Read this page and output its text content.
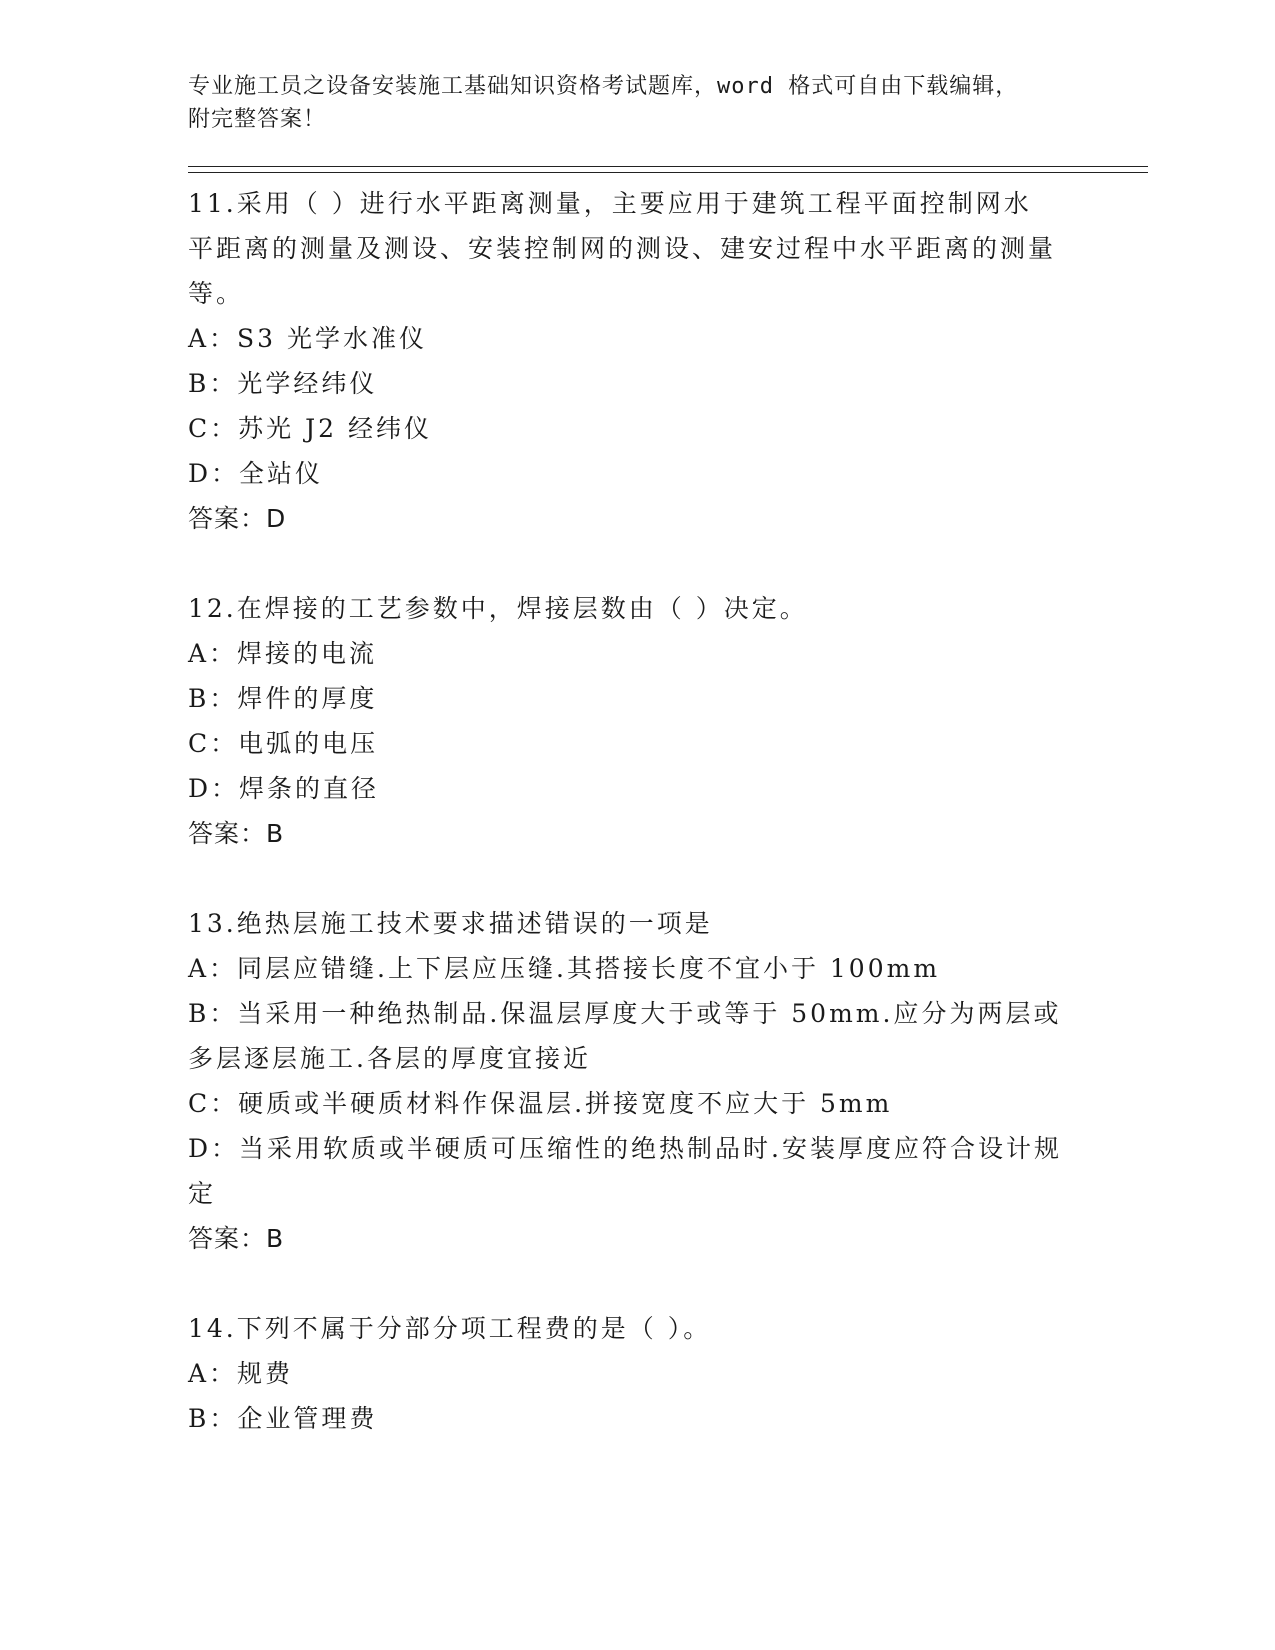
专业施工员之设备安装施工基础知识资格考试题库，word 格式可自由下载编辑，
附完整答案！
11.采用（ ）进行水平距离测量，主要应用于建筑工程平面控制网水平距离的测量及测设、安装控制网的测设、建安过程中水平距离的测量等。
A：S3 光学水准仪
B：光学经纬仪
C：苏光 J2 经纬仪
D：全站仪
答案：D
12.在焊接的工艺参数中，焊接层数由（ ）决定。
A：焊接的电流
B：焊件的厚度
C：电弧的电压
D：焊条的直径
答案：B
13.绝热层施工技术要求描述错误的一项是
A：同层应错缝.上下层应压缝.其搭接长度不宜小于 100mm
B：当采用一种绝热制品.保温层厚度大于或等于 50mm.应分为两层或多层逐层施工.各层的厚度宜接近
C：硬质或半硬质材料作保温层.拼接宽度不应大于 5mm
D：当采用软质或半硬质可压缩性的绝热制品时.安装厚度应符合设计规定
答案：B
14.下列不属于分部分项工程费的是（ ）。
A：规费
B：企业管理费
